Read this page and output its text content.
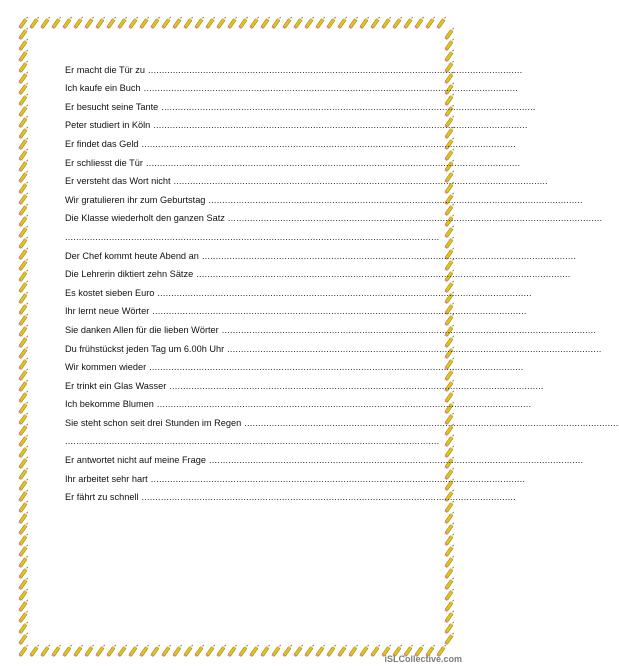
Er macht die Tür zu ........................................................................................................................................
Ich kaufe ein Buch ........................................................................................................................................
Er besucht seine Tante ........................................................................................................................................
Peter studiert in Köln ........................................................................................................................................
Er findet das Geld ........................................................................................................................................
Er schliesst die Tür ........................................................................................................................................
Er versteht das Wort nicht ........................................................................................................................................
Wir gratulieren ihr zum Geburtstag ........................................................................................................................................
Die Klasse wiederholt den ganzen Satz ........................................................................................................................................
........................................................................................................................................
Der Chef kommt heute Abend an ........................................................................................................................................
Die Lehrerin diktiert zehn Sätze ........................................................................................................................................
Es kostet sieben Euro ........................................................................................................................................
Ihr lernt neue Wörter ........................................................................................................................................
Sie danken Allen für die lieben Wörter ........................................................................................................................................
Du frühstückst jeden Tag um 6.00h Uhr ........................................................................................................................................
Wir kommen wieder ........................................................................................................................................
Er trinkt ein Glas Wasser ........................................................................................................................................
Ich bekomme Blumen ........................................................................................................................................
Sie steht schon seit drei Stunden im Regen ........................................................................................................................................
........................................................................................................................................
Er antwortet nicht auf meine Frage ........................................................................................................................................
Ihr arbeitet sehr hart ........................................................................................................................................
Er fährt zu schnell ........................................................................................................................................
iSLCollective.com
